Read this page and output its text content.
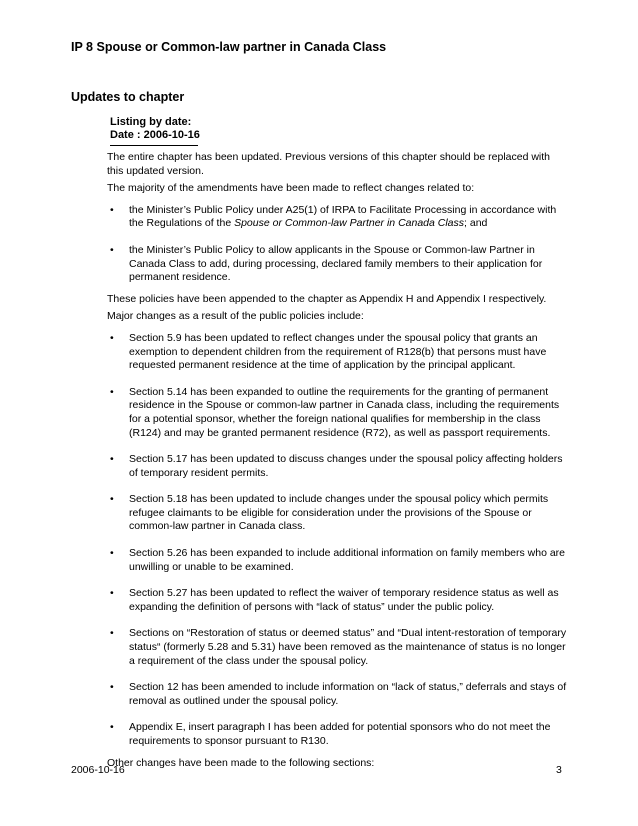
IP 8 Spouse or Common-law partner in Canada Class
Updates to chapter
Listing by date:
Date : 2006-10-16

The entire chapter has been updated. Previous versions of this chapter should be replaced with this updated version.

The majority of the amendments have been made to reflect changes related to:

• the Minister’s Public Policy under A25(1) of IRPA to Facilitate Processing in accordance with the Regulations of the Spouse or Common-law Partner in Canada Class; and
• the Minister’s Public Policy to allow applicants in the Spouse or Common-law Partner in Canada Class to add, during processing, declared family members to their application for permanent residence.

These policies have been appended to the chapter as Appendix H and Appendix I respectively.

Major changes as a result of the public policies include:

• Section 5.9 has been updated to reflect changes under the spousal policy that grants an exemption to dependent children from the requirement of R128(b) that persons must have requested permanent residence at the time of application by the principal applicant.
• Section 5.14 has been expanded to outline the requirements for the granting of permanent residence in the Spouse or common-law partner in Canada class, including the requirements for a potential sponsor, whether the foreign national qualifies for membership in the class (R124) and may be granted permanent residence (R72), as well as passport requirements.
• Section 5.17 has been updated to discuss changes under the spousal policy affecting holders of temporary resident permits.
• Section 5.18 has been updated to include changes under the spousal policy which permits refugee claimants to be eligible for consideration under the provisions of the Spouse or common-law partner in Canada class.
• Section 5.26 has been expanded to include additional information on family members who are unwilling or unable to be examined.
• Section 5.27 has been updated to reflect the waiver of temporary residence status as well as expanding the definition of persons with “lack of status” under the public policy.
• Sections on “Restoration of status or deemed status” and “Dual intent-restoration of temporary status“ (formerly 5.28 and 5.31) have been removed as the maintenance of status is no longer a requirement of the class under the spousal policy.
• Section 12 has been amended to include information on “lack of status,” deferrals and stays of removal as outlined under the spousal policy.
• Appendix E, insert paragraph I has been added for potential sponsors who do not meet the requirements to sponsor pursuant to R130.

Other changes have been made to the following sections:

2006-10-16	3
